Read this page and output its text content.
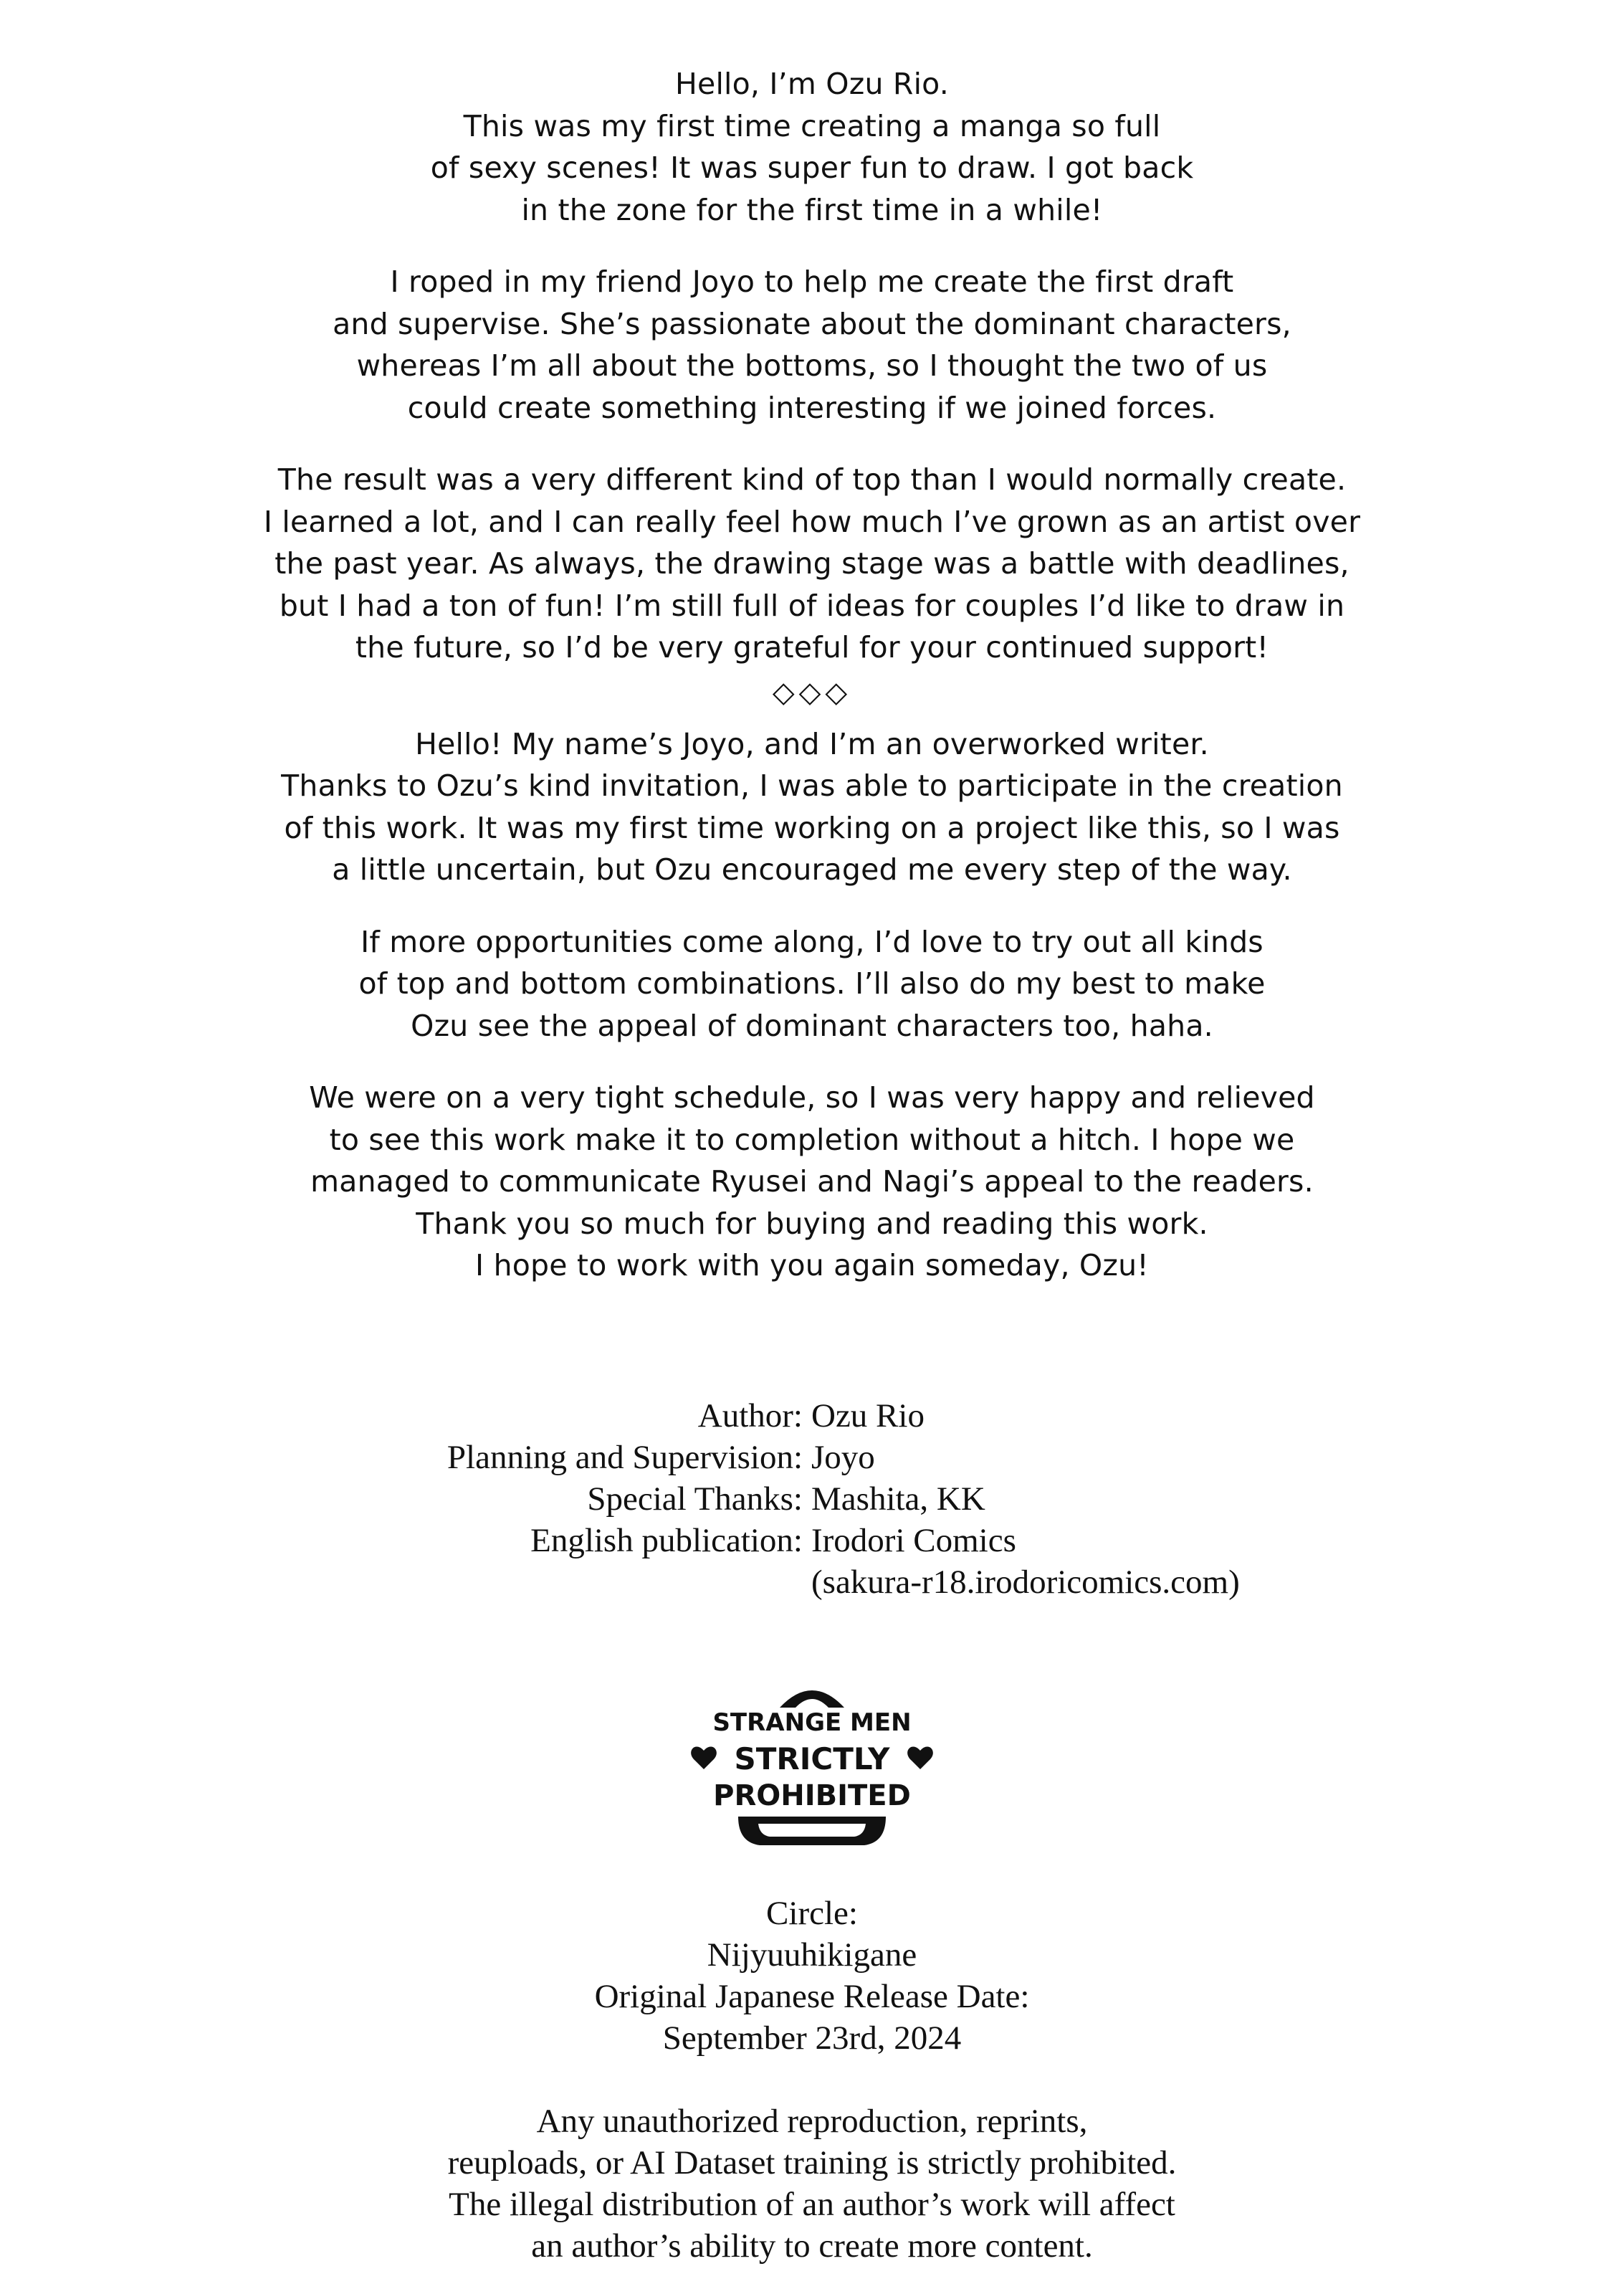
Hello, I’m Ozu Rio.
This was my first time creating a manga so full
of sexy scenes! It was super fun to draw. I got back
in the zone for the first time in a while!
I roped in my friend Joyo to help me create the first draft
and supervise. She’s passionate about the dominant characters,
whereas I’m all about the bottoms, so I thought the two of us
could create something interesting if we joined forces.
The result was a very different kind of top than I would normally create.
I learned a lot, and I can really feel how much I’ve grown as an artist over
the past year. As always, the drawing stage was a battle with deadlines,
but I had a ton of fun! I’m still full of ideas for couples I’d like to draw in
the future, so I’d be very grateful for your continued support!
◇◇◇
Hello! My name’s Joyo, and I’m an overworked writer.
Thanks to Ozu’s kind invitation, I was able to participate in the creation
of this work. It was my first time working on a project like this, so I was
a little uncertain, but Ozu encouraged me every step of the way.
If more opportunities come along, I’d love to try out all kinds
of top and bottom combinations. I’ll also do my best to make
Ozu see the appeal of dominant characters too, haha.
We were on a very tight schedule, so I was very happy and relieved
to see this work make it to completion without a hitch. I hope we
managed to communicate Ryusei and Nagi’s appeal to the readers.
Thank you so much for buying and reading this work.
I hope to work with you again someday, Ozu!
Author: Ozu Rio
Planning and Supervision: Joyo
Special Thanks: Mashita, KK
English publication: Irodori Comics
(sakura-r18.irodoricomics.com)
STRANGE MEN
STRICTLY
PROHIBITED
Circle:
Nijyuuhikigane
Original Japanese Release Date:
September 23rd, 2024
Any unauthorized reproduction, reprints,
reuploads, or AI Dataset training is strictly prohibited.
The illegal distribution of an author’s work will affect
an author’s ability to create more content.
